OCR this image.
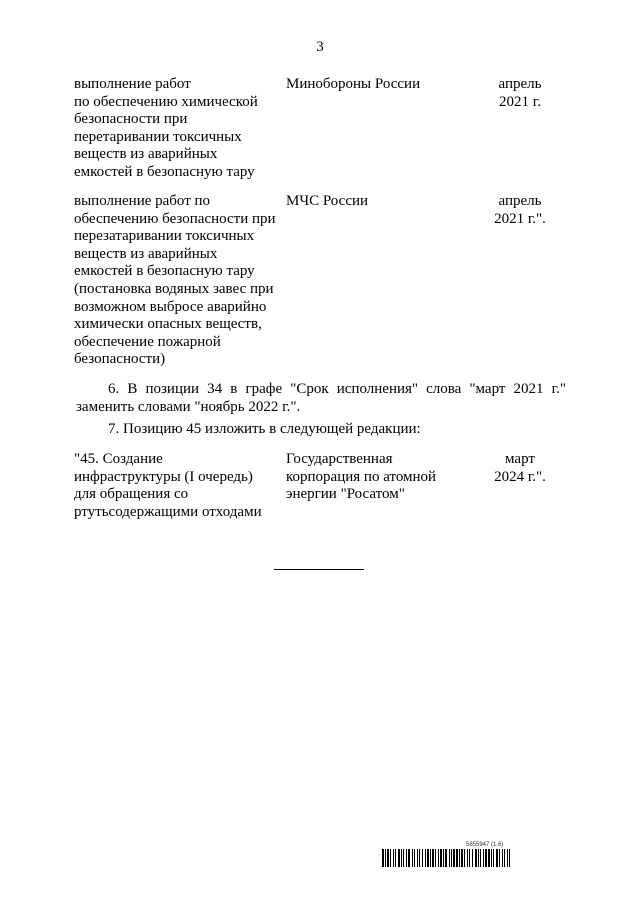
3
выполнение работ
по обеспечению химической
безопасности при
перетаривании токсичных
веществ из аварийных
емкостей в безопасную тару
Минобороны России	апрель
2021 г.
выполнение работ по
обеспечению безопасности при
перезатаривании токсичных
веществ из аварийных
емкостей в безопасную тару
(постановка водяных завес при
возможном выбросе аварийно
химически опасных веществ,
обеспечение пожарной
безопасности)
МЧС России	апрель
2021 г.".
6. В позиции 34 в графе "Срок исполнения" слова "март 2021 г." заменить словами "ноябрь 2022 г.".
7. Позицию 45 изложить в следующей редакции:
"45. Создание
инфраструктуры (I очередь)
для обращения со
ртутьсодержащими отходами
Государственная
корпорация по атомной
энергии "Росатом"
март
2024 г.".
5855947 (1.6)
